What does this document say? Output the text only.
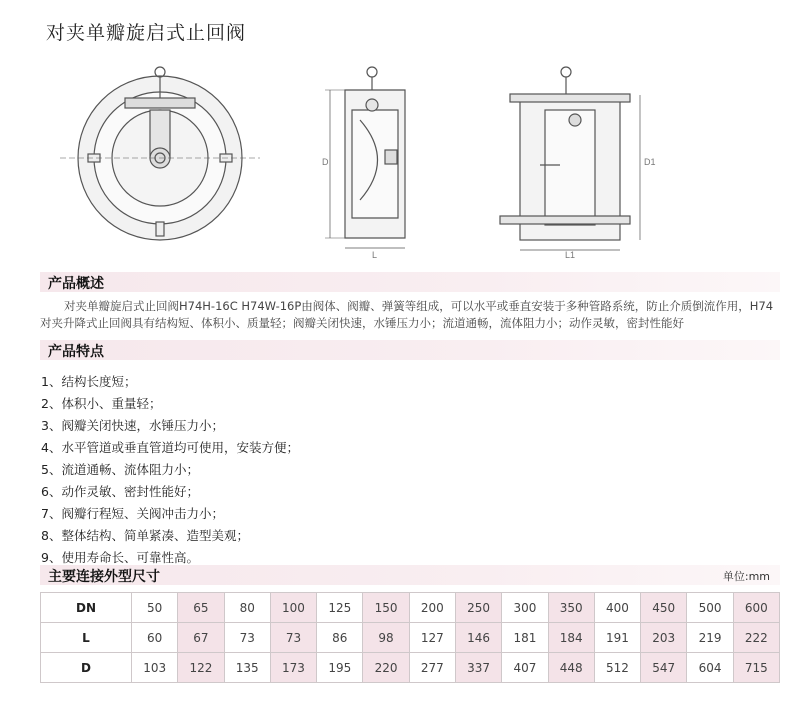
对夹单瓣旋启式止回阀
D
L
D1
L1
产品概述
对夹单瓣旋启式止回阀H74H-16C H74W-16P由阀体、阀瓣、弹簧等组成，可以水平或垂直安装于多种管路系统，防止介质倒流作用，H74对夹升降式止回阀具有结构短、体积小、质量轻；阀瓣关闭快速，水锤压力小；流道通畅，流体阻力小；动作灵敏，密封性能好
产品特点
1、结构长度短；
2、体积小、重量轻；
3、阀瓣关闭快速，水锤压力小；
4、水平管道或垂直管道均可使用，安装方便；
5、流道通畅、流体阻力小；
6、动作灵敏、密封性能好；
7、阀瓣行程短、关阀冲击力小；
8、整体结构、简单紧凑、造型美观；
9、使用寿命长、可靠性高。
主要连接外型尺寸	单位:mm
DN	50	65	80	100	125	150	200	250	300	350	400	450	500	600
L	60	67	73	73	86	98	127	146	181	184	191	203	219	222
D	103	122	135	173	195	220	277	337	407	448	512	547	604	715
